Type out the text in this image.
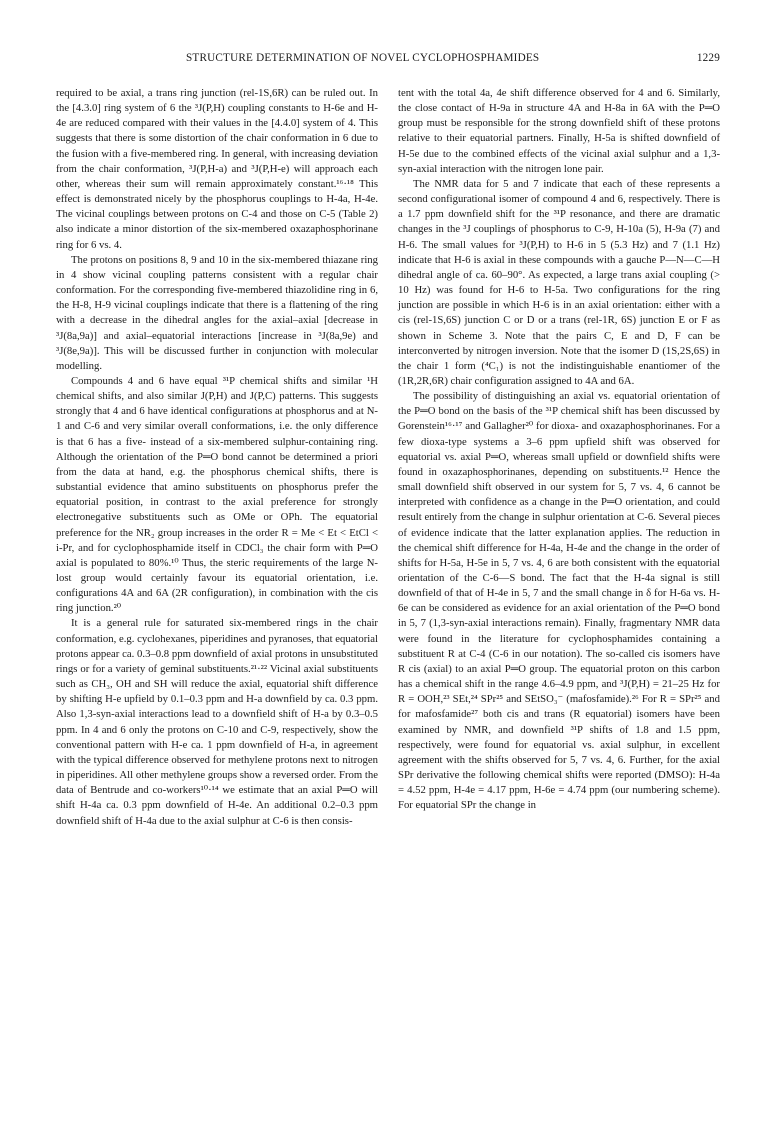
STRUCTURE DETERMINATION OF NOVEL CYCLOPHOSPHAMIDES	1229

required to be axial, a trans ring junction (rel-1S,6R) can be ruled out. In the [4.3.0] ring system of 6 the ³J(P,H) coupling constants to H-6e and H-4e are reduced compared with their values in the [4.4.0] system of 4. This suggests that there is some distortion of the chair conformation in 6 due to the fusion with a five-membered ring. In general, with increasing deviation from the chair conformation, ³J(P,H-a) and ³J(P,H-e) will approach each other, whereas their sum will remain approximately constant.¹⁶·¹⁸ This effect is demonstrated nicely by the phosphorus couplings to H-4a, H-4e. The vicinal couplings between protons on C-4 and those on C-5 (Table 2) also indicate a minor distortion of the six-membered oxazaphosphorinane ring for 6 vs. 4.

The protons on positions 8, 9 and 10 in the six-membered thiazane ring in 4 show vicinal coupling patterns consistent with a regular chair conformation. For the corresponding five-membered thiazolidine ring in 6, the H-8, H-9 vicinal couplings indicate that there is a flattening of the ring with a decrease in the dihedral angles for the axial–axial [decrease in ³J(8a,9a)] and axial–equatorial interactions [increase in ³J(8a,9e) and ³J(8e,9a)]. This will be discussed further in conjunction with molecular modelling.

Compounds 4 and 6 have equal ³¹P chemical shifts and similar ¹H chemical shifts, and also similar J(P,H) and J(P,C) patterns. This suggests strongly that 4 and 6 have identical configurations at phosphorus and at N-1 and C-6 and very similar overall conformations, i.e. the only difference is that 6 has a five- instead of a six-membered sulphur-containing ring. Although the orientation of the P═O bond cannot be determined a priori from the data at hand, e.g. the phosphorus chemical shifts, there is substantial evidence that amino substituents on phosphorus prefer the equatorial position, in contrast to the axial preference for strongly electronegative substituents such as OMe or OPh. The equatorial preference for the NR₂ group increases in the order R = Me < Et < EtCl < i-Pr, and for cyclophosphamide itself in CDCl₃ the chair form with P═O axial is populated to 80%.¹⁰ Thus, the steric requirements of the large N-lost group would certainly favour its equatorial orientation, i.e. configurations 4A and 6A (2R configuration), in combination with the cis ring junction.²⁰

It is a general rule for saturated six-membered rings in the chair conformation, e.g. cyclohexanes, piperidines and pyranoses, that equatorial protons appear ca. 0.3–0.8 ppm downfield of axial protons in unsubstituted rings or for a variety of geminal substituents.²¹·²² Vicinal axial substituents such as CH₃, OH and SH will reduce the axial, equatorial shift difference by shifting H-e upfield by 0.1–0.3 ppm and H-a downfield by ca. 0.3 ppm. Also 1,3-syn-axial interactions lead to a downfield shift of H-a by 0.3–0.5 ppm. In 4 and 6 only the protons on C-10 and C-9, respectively, show the conventional pattern with H-e ca. 1 ppm downfield of H-a, in agreement with the typical difference observed for methylene protons next to nitrogen in piperidines. All other methylene groups show a reversed order. From the data of Bentrude and co-workers¹⁰·¹⁴ we estimate that an axial P═O will shift H-4a ca. 0.3 ppm downfield of H-4e. An additional 0.2–0.3 ppm downfield shift of H-4a due to the axial sulphur at C-6 is then consis-

tent with the total 4a, 4e shift difference observed for 4 and 6. Similarly, the close contact of H-9a in structure 4A and H-8a in 6A with the P═O group must be responsible for the strong downfield shift of these protons relative to their equatorial partners. Finally, H-5a is shifted downfield of H-5e due to the combined effects of the vicinal axial sulphur and a 1,3-syn-axial interaction with the nitrogen lone pair.

The NMR data for 5 and 7 indicate that each of these represents a second configurational isomer of compound 4 and 6, respectively. There is a 1.7 ppm downfield shift for the ³¹P resonance, and there are dramatic changes in the ³J couplings of phosphorus to C-9, H-10a (5), H-9a (7) and H-6. The small values for ³J(P,H) to H-6 in 5 (5.3 Hz) and 7 (1.1 Hz) indicate that H-6 is axial in these compounds with a gauche P—N—C—H dihedral angle of ca. 60–90°. As expected, a large trans axial coupling (> 10 Hz) was found for H-6 to H-5a. Two configurations for the ring junction are possible in which H-6 is in an axial orientation: either with a cis (rel-1S,6S) junction C or D or a trans (rel-1R, 6S) junction E or F as shown in Scheme 3. Note that the pairs C, E and D, F can be interconverted by nitrogen inversion. Note that the isomer D (1S,2S,6S) in the chair 1 form (⁴C₁) is not the indistinguishable enantiomer of the (1R,2R,6R) chair configuration assigned to 4A and 6A.

The possibility of distinguishing an axial vs. equatorial orientation of the P═O bond on the basis of the ³¹P chemical shift has been discussed by Gorenstein¹⁶·¹⁷ and Gallagher²⁰ for dioxa- and oxazaphosphorinanes. For a few dioxa-type systems a 3–6 ppm upfield shift was observed for equatorial vs. axial P═O, whereas small upfield or downfield shifts were found in oxazaphosphorinanes, depending on substituents.¹² Hence the small downfield shift observed in our system for 5, 7 vs. 4, 6 cannot be interpreted with confidence as a change in the P═O orientation, and could result entirely from the change in sulphur orientation at C-6. Several pieces of evidence indicate that the latter explanation applies. The reduction in the chemical shift difference for H-4a, H-4e and the change in the order of shifts for H-5a, H-5e in 5, 7 vs. 4, 6 are both consistent with the equatorial orientation of the C-6—S bond. The fact that the H-4a signal is still downfield of that of H-4e in 5, 7 and the small change in δ for H-6a vs. H-6e can be considered as evidence for an axial orientation of the P═O bond in 5, 7 (1,3-syn-axial interactions remain). Finally, fragmentary NMR data were found in the literature for cyclophosphamides containing a substituent R at C-4 (C-6 in our notation). The so-called cis isomers have R cis (axial) to an axial P═O group. The equatorial proton on this carbon has a chemical shift in the range 4.6–4.9 ppm, and ³J(P,H) = 21–25 Hz for R = OOH,²³ SEt,²⁴ SPr²⁵ and SEtSO₃⁻ (mafosfamide).²⁶ For R = SPr²⁵ and for mafosfamide²⁷ both cis and trans (R equatorial) isomers have been examined by NMR, and downfield ³¹P shifts of 1.8 and 1.5 ppm, respectively, were found for equatorial vs. axial sulphur, in excellent agreement with the shifts observed for 5, 7 vs. 4, 6. Further, for the axial SPr derivative the following chemical shifts were reported (DMSO): H-4a = 4.52 ppm, H-4e = 4.17 ppm, H-6e = 4.74 ppm (our numbering scheme). For equatorial SPr the change in
